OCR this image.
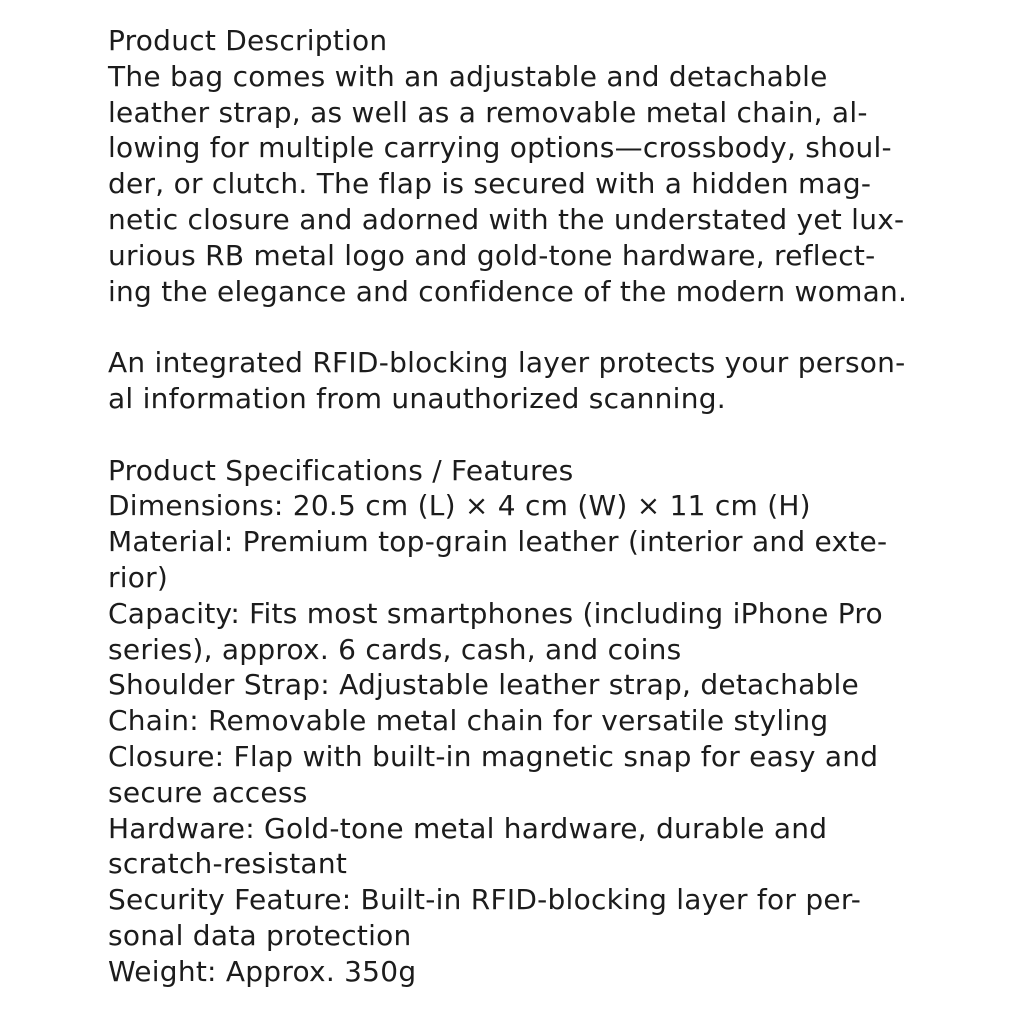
Product Description
The bag comes with an adjustable and detachable
leather strap, as well as a removable metal chain, al-
lowing for multiple carrying options—crossbody, shoul-
der, or clutch. The flap is secured with a hidden mag-
netic closure and adorned with the understated yet lux-
urious RB metal logo and gold-tone hardware, reflect-
ing the elegance and confidence of the modern woman.
An integrated RFID-blocking layer protects your person-
al information from unauthorized scanning.
Product Specifications / Features
Dimensions: 20.5 cm (L) × 4 cm (W) × 11 cm (H)
Material: Premium top-grain leather (interior and exte-
rior)
Capacity: Fits most smartphones (including iPhone Pro
series), approx. 6 cards, cash, and coins
Shoulder Strap: Adjustable leather strap, detachable
Chain: Removable metal chain for versatile styling
Closure: Flap with built-in magnetic snap for easy and
secure access
Hardware: Gold-tone metal hardware, durable and
scratch-resistant
Security Feature: Built-in RFID-blocking layer for per-
sonal data protection
Weight: Approx. 350g
